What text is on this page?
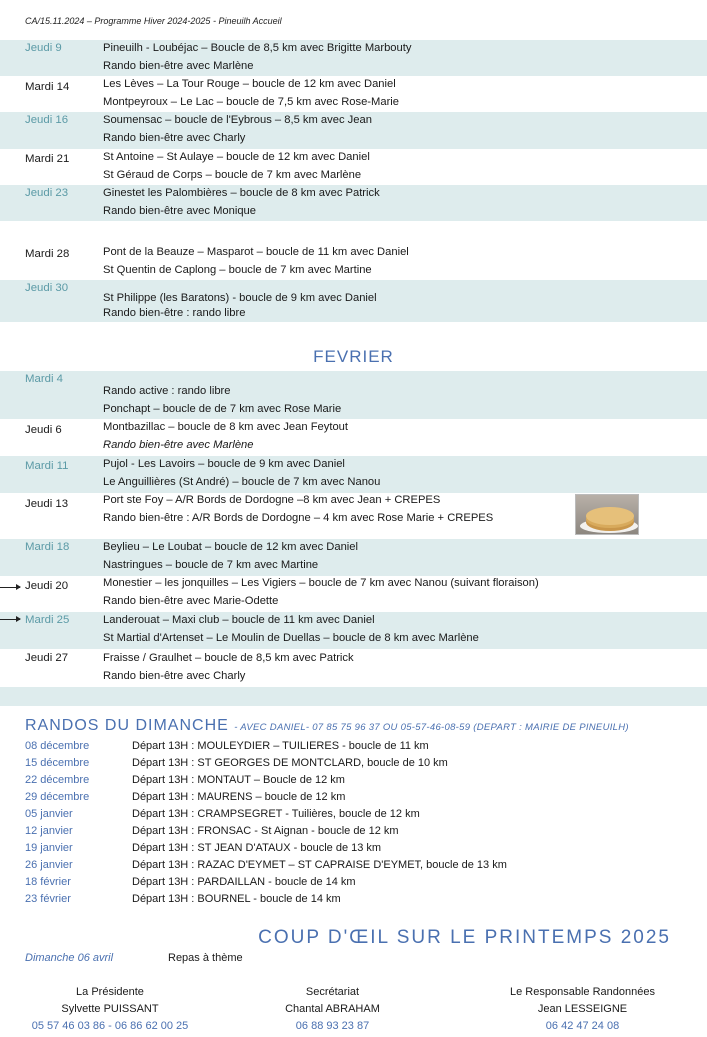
CA/15.11.2024 – Programme Hiver 2024-2025 - Pineuilh Accueil
Jeudi 9	Pineuilh - Loubéjac – Boucle de 8,5 km avec Brigitte Marbouty
Rando bien-être avec Marlène
Mardi 14	Les Lèves – La Tour Rouge – boucle de 12 km avec Daniel
Montpeyroux – Le Lac – boucle de 7,5 km avec Rose-Marie
Jeudi 16	Soumensac – boucle de l'Eybrous – 8,5 km avec Jean
Rando bien-être avec Charly
Mardi 21	St Antoine – St Aulaye – boucle de 12 km avec Daniel
St Géraud de Corps – boucle de 7 km avec Marlène
Jeudi 23	Ginestet les Palombières – boucle de 8 km avec Patrick
Rando bien-être avec Monique
Mardi 28	Pont de la Beauze – Masparot – boucle de 11 km avec Daniel
St Quentin de Caplong – boucle de 7 km avec Martine
Jeudi 30
St Philippe (les Baratons) - boucle de 9 km avec Daniel
Rando bien-être : rando libre
FEVRIER
Mardi 4
Rando active : rando libre
Ponchapt – boucle de de 7 km avec Rose Marie
Jeudi 6	Montbazillac – boucle de 8 km avec Jean Feytout
Rando bien-être avec Marlène
Mardi 11	Pujol - Les Lavoirs – boucle de 9 km avec Daniel
Le Anguillières (St André) – boucle de 7 km avec Nanou
Jeudi 13	Port ste Foy – A/R Bords de Dordogne –8 km avec Jean + CREPES
Rando bien-être : A/R Bords de Dordogne – 4 km avec Rose Marie + CREPES
Mardi 18	Beylieu – Le Loubat – boucle de 12 km avec Daniel
Nastringues – boucle de 7 km avec Martine
Jeudi 20	Monestier – les jonquilles – Les Vigiers – boucle de 7 km avec Nanou (suivant floraison)
Rando bien-être avec Marie-Odette
Mardi 25	Landerouat – Maxi club – boucle de 11 km avec Daniel
St Martial d'Artenset – Le Moulin de Duellas – boucle de 8 km avec Marlène
Jeudi 27	Fraisse / Graulhet – boucle de 8,5 km avec Patrick
Rando bien-être avec Charly
RANDOS DU DIMANCHE - AVEC DANIEL- 07 85 75 96 37 OU 05-57-46-08-59 (DEPART : MAIRIE DE PINEUILH)
08 décembre	Départ 13H : MOULEYDIER – TUILIERES - boucle de 11 km
15 décembre	Départ 13H : ST GEORGES DE MONTCLARD, boucle de 10 km
22 décembre	Départ 13H : MONTAUT – Boucle de 12 km
29 décembre	Départ 13H : MAURENS – boucle de 12 km
05 janvier	Départ 13H : CRAMPSEGRET - Tuilières, boucle de 12 km
12 janvier	Départ 13H : FRONSAC - St Aignan - boucle de 12 km
19 janvier	Départ 13H : ST JEAN D'ATAUX - boucle de 13 km
26 janvier	Départ 13H : RAZAC D'EYMET – ST CAPRAISE D'EYMET, boucle de 13 km
18 février	Départ 13H : PARDAILLAN - boucle de 14 km
23 février	Départ 13H : BOURNEL - boucle de 14 km
COUP D'ŒIL SUR LE PRINTEMPS 2025
Dimanche 06 avril	Repas à thème
La Présidente
Sylvette PUISSANT
05 57 46 03 86 - 06 86 62 00 25
Secrétariat
Chantal ABRAHAM
06 88 93 23 87
Le Responsable Randonnées
Jean LESSEIGNE
06 42 47 24 08
